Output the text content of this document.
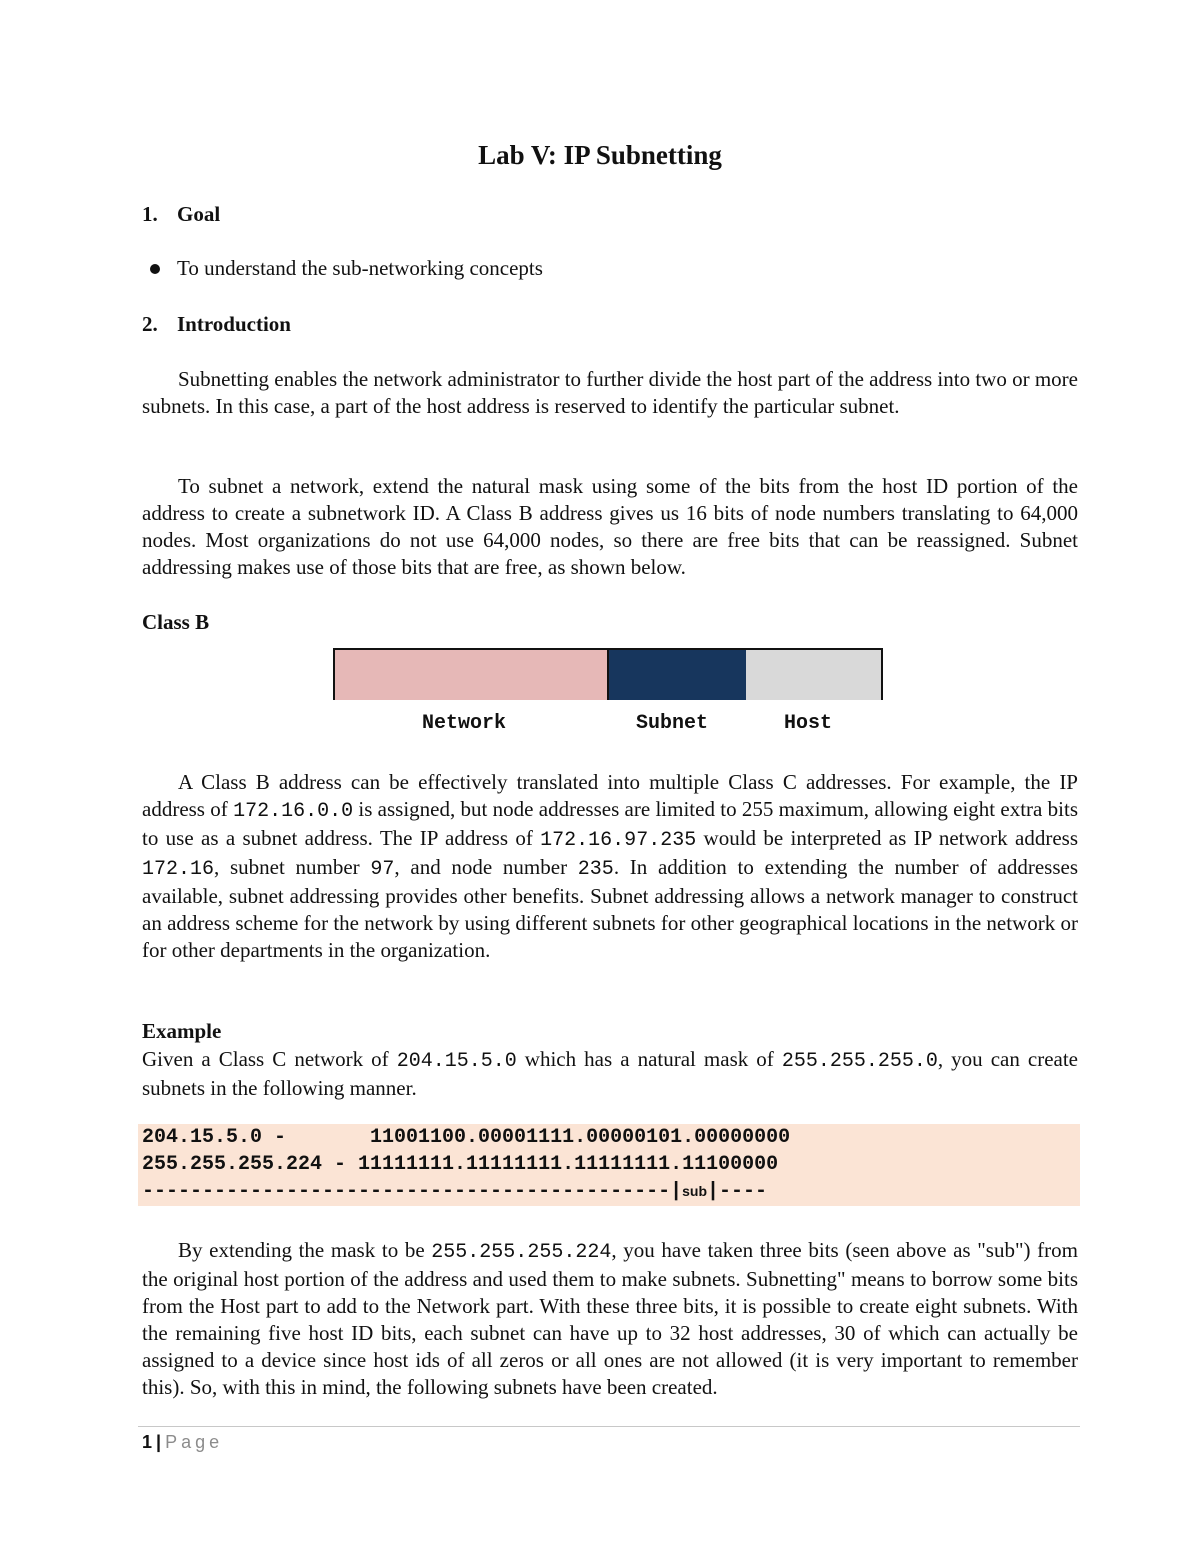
Lab V: IP Subnetting
1. Goal
To understand the sub-networking concepts
2. Introduction
Subnetting enables the network administrator to further divide the host part of the address into two or more subnets. In this case, a part of the host address is reserved to identify the particular subnet.
To subnet a network, extend the natural mask using some of the bits from the host ID portion of the address to create a subnetwork ID. A Class B address gives us 16 bits of node numbers translating to 64,000 nodes. Most organizations do not use 64,000 nodes, so there are free bits that can be reassigned. Subnet addressing makes use of those bits that are free, as shown below.
Class B
Network	Subnet	Host
A Class B address can be effectively translated into multiple Class C addresses. For example, the IP address of 172.16.0.0 is assigned, but node addresses are limited to 255 maximum, allowing eight extra bits to use as a subnet address. The IP address of 172.16.97.235 would be interpreted as IP network address 172.16, subnet number 97, and node number 235. In addition to extending the number of addresses available, subnet addressing provides other benefits. Subnet addressing allows a network manager to construct an address scheme for the network by using different subnets for other geographical locations in the network or for other departments in the organization.
Example
Given a Class C network of 204.15.5.0 which has a natural mask of 255.255.255.0, you can create subnets in the following manner.
204.15.5.0 -       11001100.00001111.00000101.00000000
255.255.255.224 - 11111111.11111111.11111111.11100000
--------------------------------------------|sub|----
By extending the mask to be 255.255.255.224, you have taken three bits (seen above as "sub") from the original host portion of the address and used them to make subnets. Subnetting" means to borrow some bits from the Host part to add to the Network part. With these three bits, it is possible to create eight subnets. With the remaining five host ID bits, each subnet can have up to 32 host addresses, 30 of which can actually be assigned to a device since host ids of all zeros or all ones are not allowed (it is very important to remember this). So, with this in mind, the following subnets have been created.
1 | Page
